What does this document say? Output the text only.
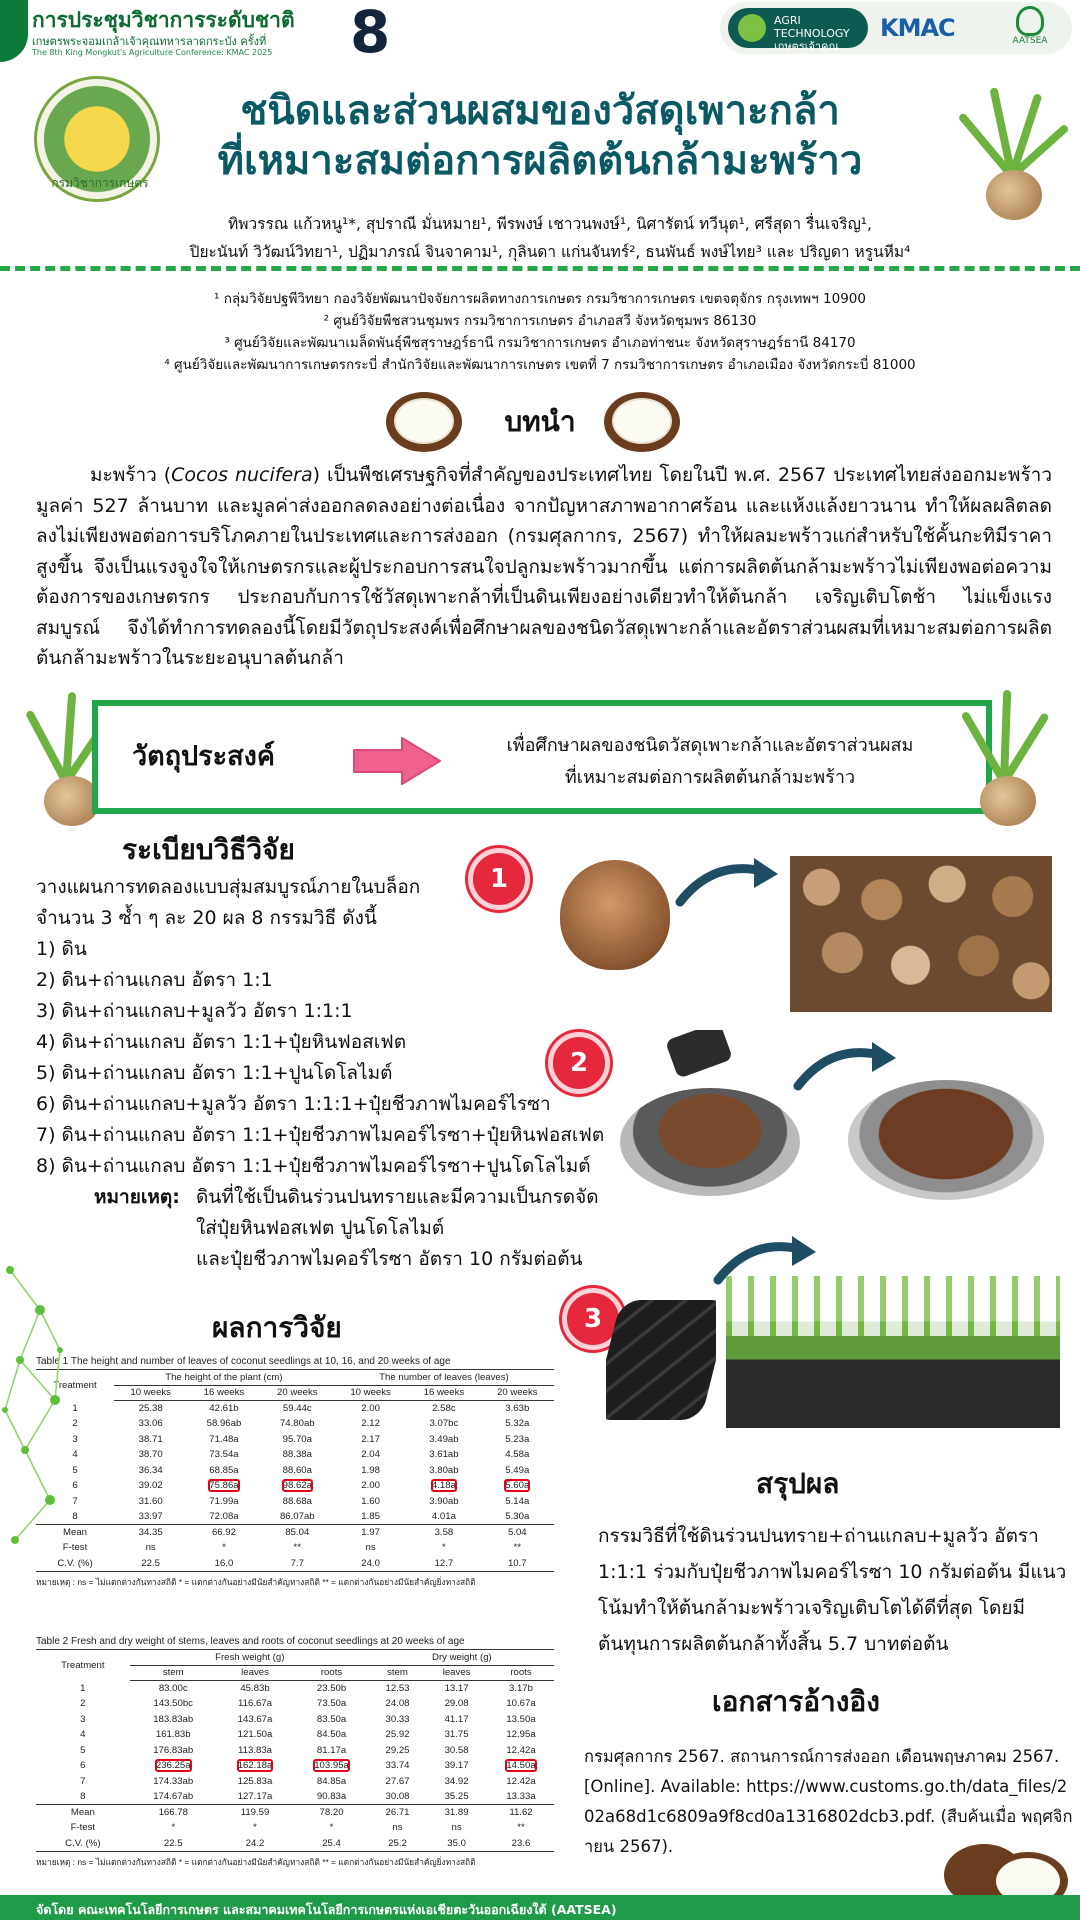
การประชุมวิชาการระดับชาติ
เกษตรพระจอมเกล้าเจ้าคุณทหารลาดกระบัง ครั้งที่
The 8th King Mongkut's Agriculture Conference: KMAC 2025 8	AGRI TECHNOLOGY
เกษตรเจ้าคุณทหาร
KMAC	AATSEA
กรมวิชาการเกษตร
ชนิดและส่วนผสมของวัสดุเพาะกล้า
ที่เหมาะสมต่อการผลิตต้นกล้ามะพร้าว
ทิพวรรณ แก้วหนู¹*, สุปราณี มั่นหมาย¹, พีรพงษ์ เชาวนพงษ์¹, นิศารัตน์ ทวีนุต¹, ศรีสุดา รื่นเจริญ¹,
ปิยะนันท์ วิวัฒน์วิทยา¹, ปฏิมาภรณ์ จินจาคาม¹, กุลินดา แก่นจันทร์², ธนพันธ์ พงษ์ไทย³ และ ปริญดา หรูนหีม⁴
¹ กลุ่มวิจัยปฐพีวิทยา กองวิจัยพัฒนาปัจจัยการผลิตทางการเกษตร กรมวิชาการเกษตร เขตจตุจักร กรุงเทพฯ 10900
² ศูนย์วิจัยพืชสวนชุมพร กรมวิชาการเกษตร อำเภอสวี จังหวัดชุมพร 86130
³ ศูนย์วิจัยและพัฒนาเมล็ดพันธุ์พืชสุราษฎร์ธานี กรมวิชาการเกษตร อำเภอท่าชนะ จังหวัดสุราษฎร์ธานี 84170
⁴ ศูนย์วิจัยและพัฒนาการเกษตรกระบี่ สำนักวิจัยและพัฒนาการเกษตร เขตที่ 7 กรมวิชาการเกษตร อำเภอเมือง จังหวัดกระบี่ 81000
บทนำ
มะพร้าว (Cocos nucifera) เป็นพืชเศรษฐกิจที่สำคัญของประเทศไทย โดยในปี พ.ศ. 2567 ประเทศไทยส่งออกมะพร้าวมูลค่า 527 ล้านบาท และมูลค่าส่งออกลดลงอย่างต่อเนื่อง จากปัญหาสภาพอากาศร้อน และแห้งแล้งยาวนาน ทำให้ผลผลิตลดลงไม่เพียงพอต่อการบริโภคภายในประเทศและการส่งออก (กรมศุลกากร, 2567) ทำให้ผลมะพร้าวแก่สำหรับใช้คั้นกะทิมีราคาสูงขึ้น จึงเป็นแรงจูงใจให้เกษตรกรและผู้ประกอบการสนใจปลูกมะพร้าวมากขึ้น แต่การผลิตต้นกล้ามะพร้าวไม่เพียงพอต่อความต้องการของเกษตรกร ประกอบกับการใช้วัสดุเพาะกล้าที่เป็นดินเพียงอย่างเดียวทำให้ต้นกล้า เจริญเติบโตช้า ไม่แข็งแรง สมบูรณ์ จึงได้ทำการทดลองนี้โดยมีวัตถุประสงค์เพื่อศึกษาผลของชนิดวัสดุเพาะกล้าและอัตราส่วนผสมที่เหมาะสมต่อการผลิตต้นกล้ามะพร้าวในระยะอนุบาลต้นกล้า
วัตถุประสงค์	เพื่อศึกษาผลของชนิดวัสดุเพาะกล้าและอัตราส่วนผสม
ที่เหมาะสมต่อการผลิตต้นกล้ามะพร้าว
ระเบียบวิธีวิจัย
วางแผนการทดลองแบบสุ่มสมบูรณ์ภายในบล็อก
จำนวน 3 ซ้ำ ๆ ละ 20 ผล 8 กรรมวิธี ดังนี้
1) ดิน
2) ดิน+ถ่านแกลบ อัตรา 1:1
3) ดิน+ถ่านแกลบ+มูลวัว อัตรา 1:1:1
4) ดิน+ถ่านแกลบ อัตรา 1:1+ปุ๋ยหินฟอสเฟต
5) ดิน+ถ่านแกลบ อัตรา 1:1+ปูนโดโลไมต์
6) ดิน+ถ่านแกลบ+มูลวัว อัตรา 1:1:1+ปุ๋ยชีวภาพไมคอร์ไรซา
7) ดิน+ถ่านแกลบ อัตรา 1:1+ปุ๋ยชีวภาพไมคอร์ไรซา+ปุ๋ยหินฟอสเฟต
8) ดิน+ถ่านแกลบ อัตรา 1:1+ปุ๋ยชีวภาพไมคอร์ไรซา+ปูนโดโลไมต์
หมายเหตุ: ดินที่ใช้เป็นดินร่วนปนทรายและมีความเป็นกรดจัด
ใส่ปุ๋ยหินฟอสเฟต ปูนโดโลไมต์
และปุ๋ยชีวภาพไมคอร์ไรซา อัตรา 10 กรัมต่อต้น
1
2
3
ผลการวิจัย
Table 1 The height and number of leaves of coconut seedlings at 10, 16, and 20 weeks of age
Treatment	The height of the plant (cm)			The number of leaves (leaves)		
	10 weeks	16 weeks	20 weeks	10 weeks	16 weeks	20 weeks
1	25.38	42.61b	59.44c	2.00	2.58c	3.63b
2	33.06	58.96ab	74.80ab	2.12	3.07bc	5.32a
3	38.71	71.48a	95.70a	2.17	3.49ab	5.23a
4	38.70	73.54a	88.38a	2.04	3.61ab	4.58a
5	36.34	68.85a	88.60a	1.98	3.80ab	5.49a
6	39.02	75.86a	98.62a	2.00	4.18a	5.60a
7	31.60	71.99a	88.68a	1.60	3.90ab	5.14a
8	33.97	72.08a	86.07ab	1.85	4.01a	5.30a
Mean	34.35	66.92	85.04	1.97	3.58	5.04
F-test	ns	*	**	ns	*	**
C.V. (%)	22.5	16.0	7.7	24.0	12.7	10.7
หมายเหตุ : ns = ไม่แตกต่างกันทางสถิติ * = แตกต่างกันอย่างมีนัยสำคัญทางสถิติ ** = แตกต่างกันอย่างมีนัยสำคัญยิ่งทางสถิติ
Table 2 Fresh and dry weight of stems, leaves and roots of coconut seedlings at 20 weeks of age
Treatment	Fresh weight (g)			Dry weight (g)		
	stem	leaves	roots	stem	leaves	roots
1	83.00c	45.83b	23.50b	12.53	13.17	3.17b
2	143.50bc	116.67a	73.50a	24.08	29.08	10.67a
3	183.83ab	143.67a	83.50a	30.33	41.17	13.50a
4	161.83b	121.50a	84.50a	25.92	31.75	12.95a
5	176.83ab	113.83a	81.17a	29.25	30.58	12.42a
6	236.25a	162.18a	103.95a	33.74	39.17	14.50a
7	174.33ab	125.83a	84.85a	27.67	34.92	12.42a
8	174.67ab	127.17a	90.83a	30.08	35.25	13.33a
Mean	166.78	119.59	78.20	26.71	31.89	11.62
F-test	*	*	*	ns	ns	**
C.V. (%)	22.5	24.2	25.4	25.2	35.0	23.6
หมายเหตุ : ns = ไม่แตกต่างกันทางสถิติ * = แตกต่างกันอย่างมีนัยสำคัญทางสถิติ ** = แตกต่างกันอย่างมีนัยสำคัญยิ่งทางสถิติ
สรุปผล
กรรมวิธีที่ใช้ดินร่วนปนทราย+ถ่านแกลบ+มูลวัว อัตรา 1:1:1 ร่วมกับปุ๋ยชีวภาพไมคอร์ไรซา 10 กรัมต่อต้น มีแนวโน้มทำให้ต้นกล้ามะพร้าวเจริญเติบโตได้ดีที่สุด โดยมีต้นทุนการผลิตต้นกล้าทั้งสิ้น 5.7 บาทต่อต้น
เอกสารอ้างอิง
กรมศุลกากร 2567. สถานการณ์การส่งออก เดือนพฤษภาคม 2567. [Online]. Available: https://www.customs.go.th/data_files/202a68d1c6809a9f8cd0a1316802dcb3.pdf. (สืบค้นเมื่อ พฤศจิกายน 2567).
จัดโดย คณะเทคโนโลยีการเกษตร และสมาคมเทคโนโลยีการเกษตรแห่งเอเชียตะวันออกเฉียงใต้ (AATSEA)
